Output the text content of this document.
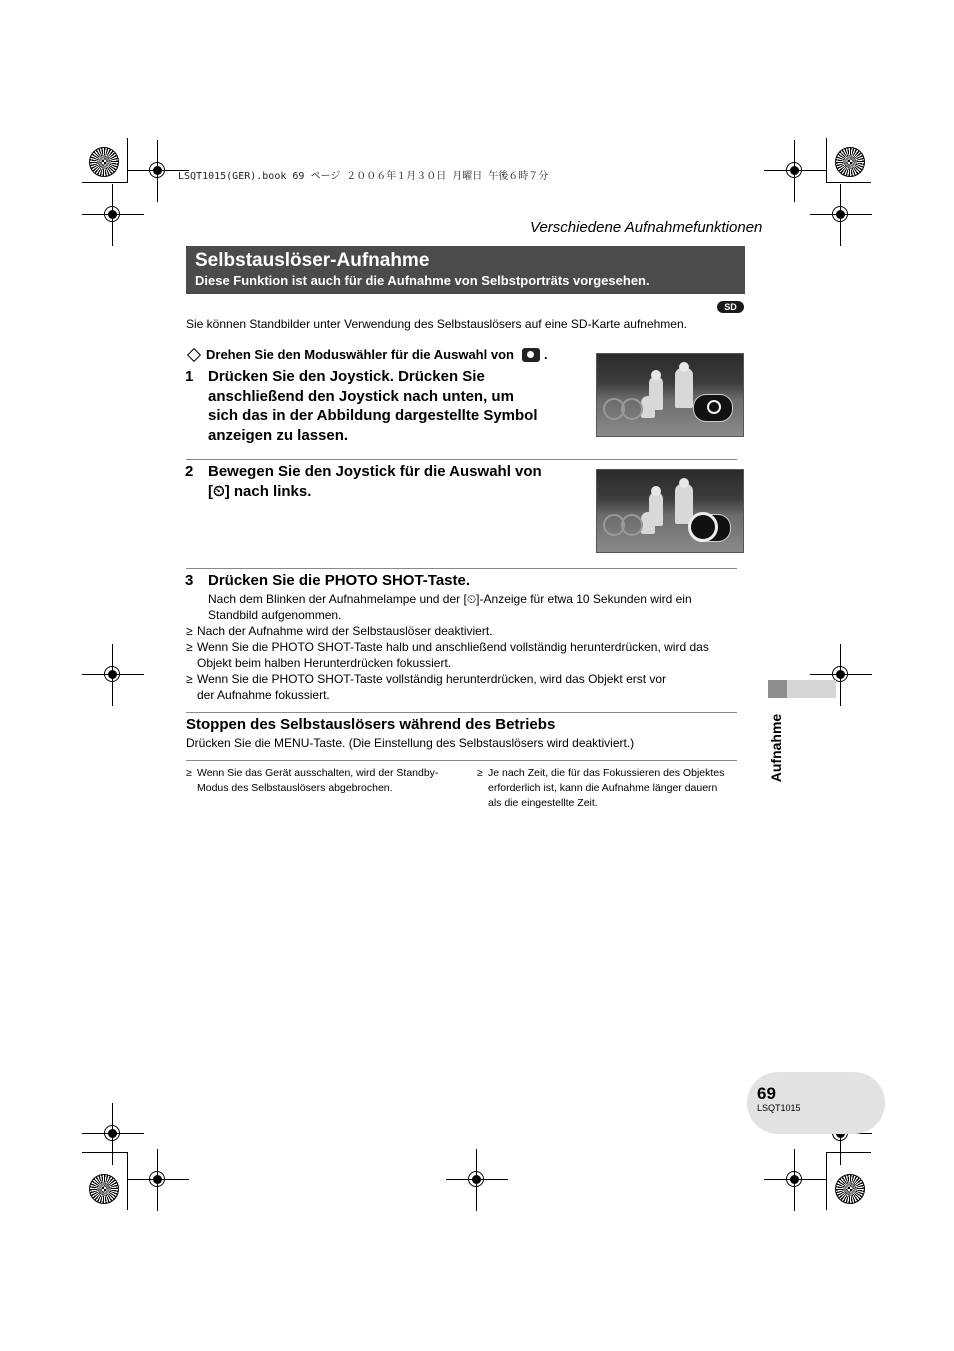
LSQT1015(GER).book 69 ページ ２００６年１月３０日 月曜日 午後６時７分
Verschiedene Aufnahmefunktionen
Selbstauslöser-Aufnahme
Diese Funktion ist auch für die Aufnahme von Selbstporträts vorgesehen.
SD
Sie können Standbilder unter Verwendung des Selbstauslösers auf eine SD-Karte aufnehmen.
Drehen Sie den Moduswähler für die Auswahl von .
1 Drücken Sie den Joystick. Drücken Sie
anschließend den Joystick nach unten, um
sich das in der Abbildung dargestellte Symbol
anzeigen zu lassen.
2 Bewegen Sie den Joystick für die Auswahl von
[⏲] nach links.
3 Drücken Sie die PHOTO SHOT-Taste.
Nach dem Blinken der Aufnahmelampe und der [⏲]-Anzeige für etwa 10 Sekunden wird ein
Standbild aufgenommen.
≥ Nach der Aufnahme wird der Selbstauslöser deaktiviert.
≥ Wenn Sie die PHOTO SHOT-Taste halb und anschließend vollständig herunterdrücken, wird das
Objekt beim halben Herunterdrücken fokussiert.
≥ Wenn Sie die PHOTO SHOT-Taste vollständig herunterdrücken, wird das Objekt erst vor
der Aufnahme fokussiert.
Stoppen des Selbstauslösers während des Betriebs
Drücken Sie die MENU-Taste. (Die Einstellung des Selbstauslösers wird deaktiviert.)
≥ Wenn Sie das Gerät ausschalten, wird der Standby-
Modus des Selbstauslösers abgebrochen.
≥ Je nach Zeit, die für das Fokussieren des Objektes
erforderlich ist, kann die Aufnahme länger dauern
als die eingestellte Zeit.
Aufnahme
69
LSQT1015
